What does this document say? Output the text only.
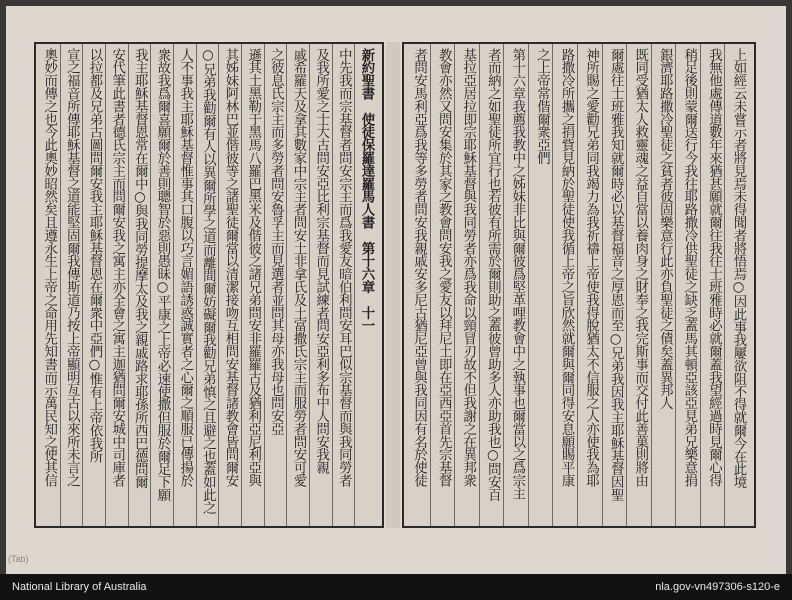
上如經云未嘗示者將見焉未得聞者將悟焉○因此事我屢欲阻不得就爾今在此境
我無他處傳道數年來猶甚願就爾往我往士班雅時必就爾蓋我望經過時見爾心得
稍足後則蒙爾送行今我往耶路撒冷供聖徒之缺乏蓋馬其頓亞該亞見弟兄樂意捐
銀濟耶路撒冷聖徒之貧者彼固樂意行此亦負聖徒之債矣蓋異邦人
既同受猶太人救靈魂之益自當以養肉身之財奉之我完斯事而交付此善菓則將由
爾處往士班雅我知就爾時必以基督福音之厚恩而至○兄弟我因我主耶穌基督因聖
神所賜之愛勸兄弟同我竭力為我祈禱上帝使我得脫猶太不信服之人亦使我為耶
路撒冷所攜之捐貲見納於聖徒使我循上帝之旨欣然就爾與爾同得安息願賜平康
之上帝常偕爾衆亞們
第十六章我薦我教中之姊妹非比與爾彼爲堅革哩教會中之執事也爾當以之爲宗主
者而納之如聖徒所宜行也若彼有所需於爾則助之蓋彼曾助多人亦助我也○問安百
基拉亞居拉即宗耶穌基督與我同勞者亦爲我命以頸冒刃故不但我謝之在異邦衆
教會亦然又問安集於其家之教會問安我之愛友以拜尼土即在亞西亞首先宗基督
者問安馬利亞爲我等多勞者問安我親戚安多尼古猶尼亞曾與我同因有名於使徒
新約聖書　使徒保羅達羅馬人書　第十六章　十一
中先我而宗基督者問安宗主而爲我愛友暗伯利問安耳巴似宗基督而與我同勞者
及我所愛之士大古問安亞比利宗基督而見試練者問安亞利多布中人問安我親
戚希羅天及拿其數家中宗主者問安土非拿氏及土富撒氏宗主而服勞者問安可愛
之彼息氏宗主而多勞者問安魯孚主而見選者並問其母亦我母也問安亞
遜其土黑勒于黑馬八羅巴黑米及偕彼之諸兄弟問安非羅羅古及猶利亞尼利亞與
其姊妹阿林巴並偕彼等之諸聖徒爾當以清潔接吻互相問安基督諸教會皆問爾安
○兄弟我勸爾有人以異爾所學之道而離間爾妨礙爾我勸兄弟慎之且避之也蓋如此之
人不事我主耶穌基督惟事其口腹以巧言媚語誘惑誠實者之心爾之順服已傳揚於
衆故我爲爾喜願爾於善則聰智於惡則愚昧○平康之上帝必速使撒但服於爾足下願
我主耶穌基督恩常在爾中○與我同勞提摩太及我之親戚路求耶孫所西巴德問爾
安代筆此書者德氏宗主而問爾安我之寓主亦全會之寓主迦猶問爾安城中司庫者
以拉都及兄弟古圖問爾安我主耶穌基督恩在爾衆中亞們○惟有上帝依我所
宣之福音所傳耶穌基督之道能堅固爾我傳斯道乃按上帝顯明亙古以來所未言之
奧妙而傳之也今此奧妙昭然矣且遵永生上帝之命用先知書而示萬民知之使其信
(Tab)
National Library of Australia	nla.gov-vn497306-s120-e
